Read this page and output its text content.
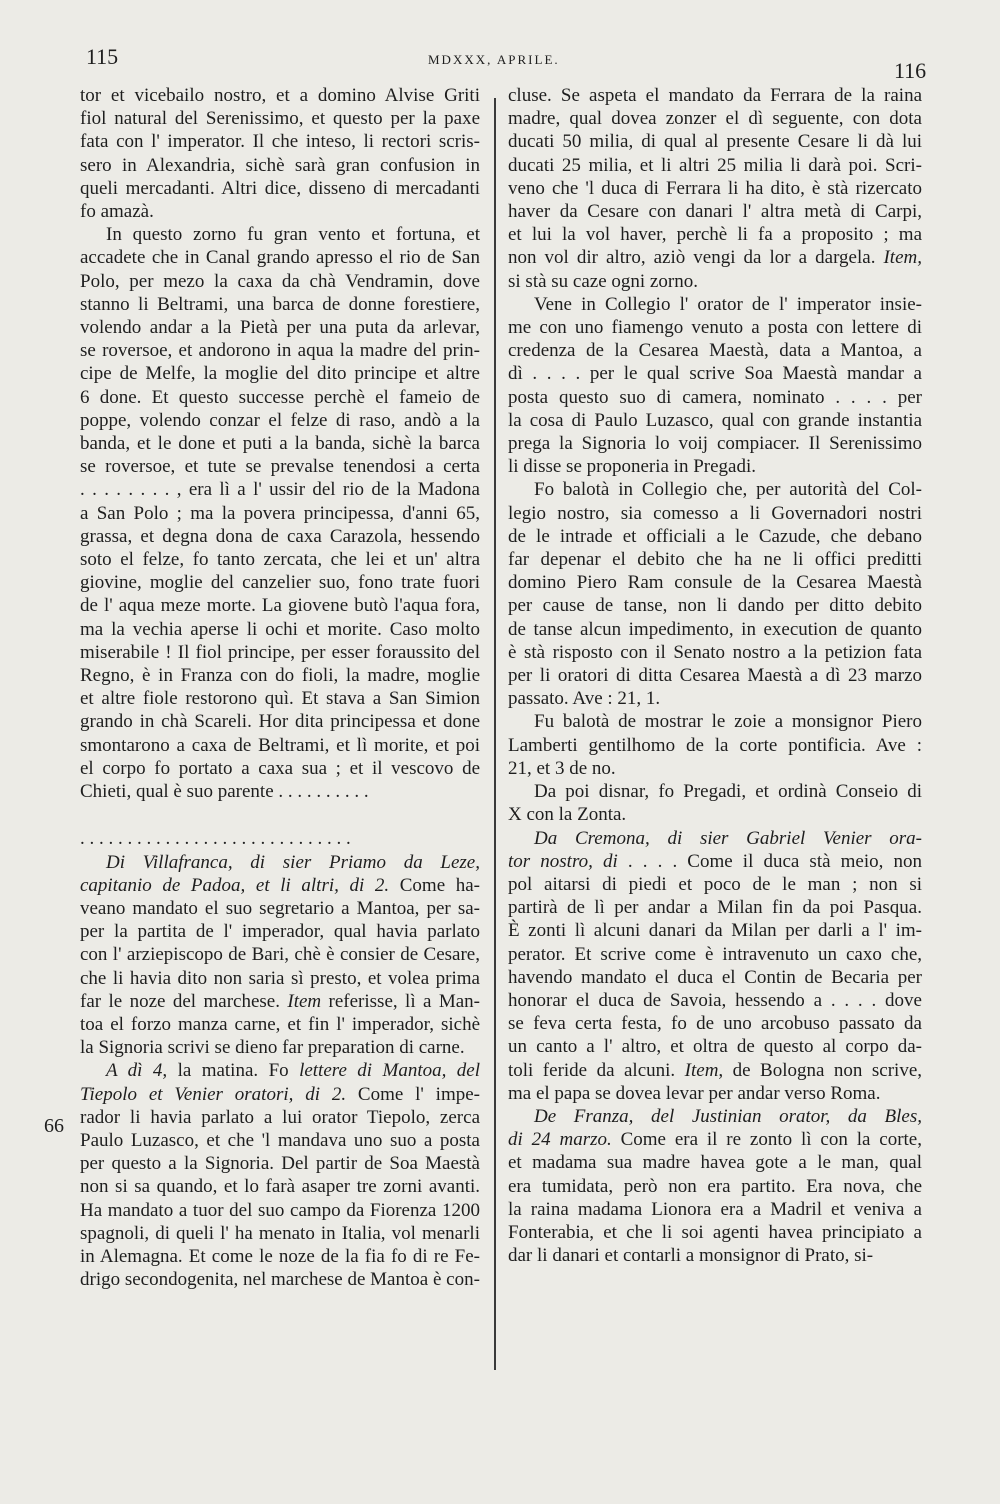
115	MDXXX, APRILE.	116
66
tor et vicebailo nostro, et a domino Alvise Griti
fiol natural del Serenissimo, et questo per la paxe
fata con l' imperator. Il che inteso, li rectori scris-
sero in Alexandria, sichè sarà gran confusion in
queli mercadanti. Altri dice, disseno di mercadanti
fo amazà.
In questo zorno fu gran vento et fortuna, et
accadete che in Canal grando apresso el rio de San
Polo, per mezo la caxa da chà Vendramin, dove
stanno li Beltrami, una barca de donne forestiere,
volendo andar a la Pietà per una puta da arlevar,
se roversoe, et andorono in aqua la madre del prin-
cipe de Melfe, la moglie del dito principe et altre
6 done. Et questo successe perchè el fameio de
poppe, volendo conzar el felze di raso, andò a la
banda, et le done et puti a la banda, sichè la barca
se roversoe, et tute se prevalse tenendosi a certa
. . . . . . . . , era lì a l' ussir del rio de la Madona
a San Polo ; ma la povera principessa, d'anni 65,
grassa, et degna dona de caxa Carazola, hessendo
soto el felze, fo tanto zercata, che lei et un' altra
giovine, moglie del canzelier suo, fono trate fuori
de l' aqua meze morte. La giovene butò l'aqua fora,
ma la vechia aperse li ochi et morite. Caso molto
miserabile ! Il fiol principe, per esser foraussito del
Regno, è in Franza con do fioli, la madre, moglie
et altre fiole restorono quì. Et stava a San Simion
grando in chà Scareli. Hor dita principessa et done
smontarono a caxa de Beltrami, et lì morite, et poi
el corpo fo portato a caxa sua ; et il vescovo de
Chieti, qual è suo parente . . . . . . . . . .
. . . . . . . . . . . . . . . . . . . . . . . . . . . . .
Di Villafranca, di sier Priamo da Leze,
capitanio de Padoa, et li altri, di 2. Come ha-
veano mandato el suo segretario a Mantoa, per sa-
per la partita de l' imperador, qual havia parlato
con l' arziepiscopo de Bari, chè è consier de Cesare,
che li havia dito non saria sì presto, et volea prima
far le noze del marchese. Item referisse, lì a Man-
toa el forzo manza carne, et fin l' imperador, sichè
la Signoria scrivi se dieno far preparation di carne.
A dì 4, la matina. Fo lettere di Mantoa, del
Tiepolo et Venier oratori, di 2. Come l' impe-
rador li havia parlato a lui orator Tiepolo, zerca
Paulo Luzasco, et che 'l mandava uno suo a posta
per questo a la Signoria. Del partir de Soa Maestà
non si sa quando, et lo farà asaper tre zorni avanti.
Ha mandato a tuor del suo campo da Fiorenza 1200
spagnoli, di queli l' ha menato in Italia, vol menarli
in Alemagna. Et come le noze de la fia fo di re Fe-
drigo secondogenita, nel marchese de Mantoa è con-
cluse. Se aspeta el mandato da Ferrara de la raina
madre, qual dovea zonzer el dì seguente, con dota
ducati 50 milia, di qual al presente Cesare li dà lui
ducati 25 milia, et li altri 25 milia li darà poi. Scri-
veno che 'l duca di Ferrara li ha dito, è stà rizercato
haver da Cesare con danari l' altra metà di Carpi,
et lui la vol haver, perchè li fa a proposito ; ma
non vol dir altro, aziò vengi da lor a dargela. Item,
si stà su caze ogni zorno.
Vene in Collegio l' orator de l' imperator insie-
me con uno fiamengo venuto a posta con lettere di
credenza de la Cesarea Maestà, data a Mantoa, a
dì . . . . per le qual scrive Soa Maestà mandar a
posta questo suo di camera, nominato . . . . per
la cosa di Paulo Luzasco, qual con grande instantia
prega la Signoria lo voij compiacer. Il Serenissimo
li disse se proponeria in Pregadi.
Fo balotà in Collegio che, per autorità del Col-
legio nostro, sia comesso a li Governadori nostri
de le intrade et officiali a le Cazude, che debano
far depenar el debito che ha ne li offici preditti
domino Piero Ram consule de la Cesarea Maestà
per cause de tanse, non li dando per ditto debito
de tanse alcun impedimento, in execution de quanto
è stà risposto con il Senato nostro a la petizion fata
per li oratori di ditta Cesarea Maestà a dì 23 marzo
passato. Ave : 21, 1.
Fu balotà de mostrar le zoie a monsignor Piero
Lamberti gentilhomo de la corte pontificia. Ave :
21, et 3 de no.
Da poi disnar, fo Pregadi, et ordinà Conseio di
X con la Zonta.
Da Cremona, di sier Gabriel Venier ora-
tor nostro, di . . . . Come il duca stà meio, non
pol aitarsi di piedi et poco de le man ; non si
partirà de lì per andar a Milan fin da poi Pasqua.
È zonti lì alcuni danari da Milan per darli a l' im-
perator. Et scrive come è intravenuto un caxo che,
havendo mandato el duca el Contin de Becaria per
honorar el duca de Savoia, hessendo a . . . . dove
se feva certa festa, fo de uno arcobuso passato da
un canto a l' altro, et oltra de questo al corpo da-
toli feride da alcuni. Item, de Bologna non scrive,
ma el papa se dovea levar per andar verso Roma.
De Franza, del Justinian orator, da Bles,
di 24 marzo. Come era il re zonto lì con la corte,
et madama sua madre havea gote a le man, qual
era tumidata, però non era partito. Era nova, che
la raina madama Lionora era a Madril et veniva a
Fonterabia, et che li soi agenti havea principiato a
dar li danari et contarli a monsignor di Prato, si-
